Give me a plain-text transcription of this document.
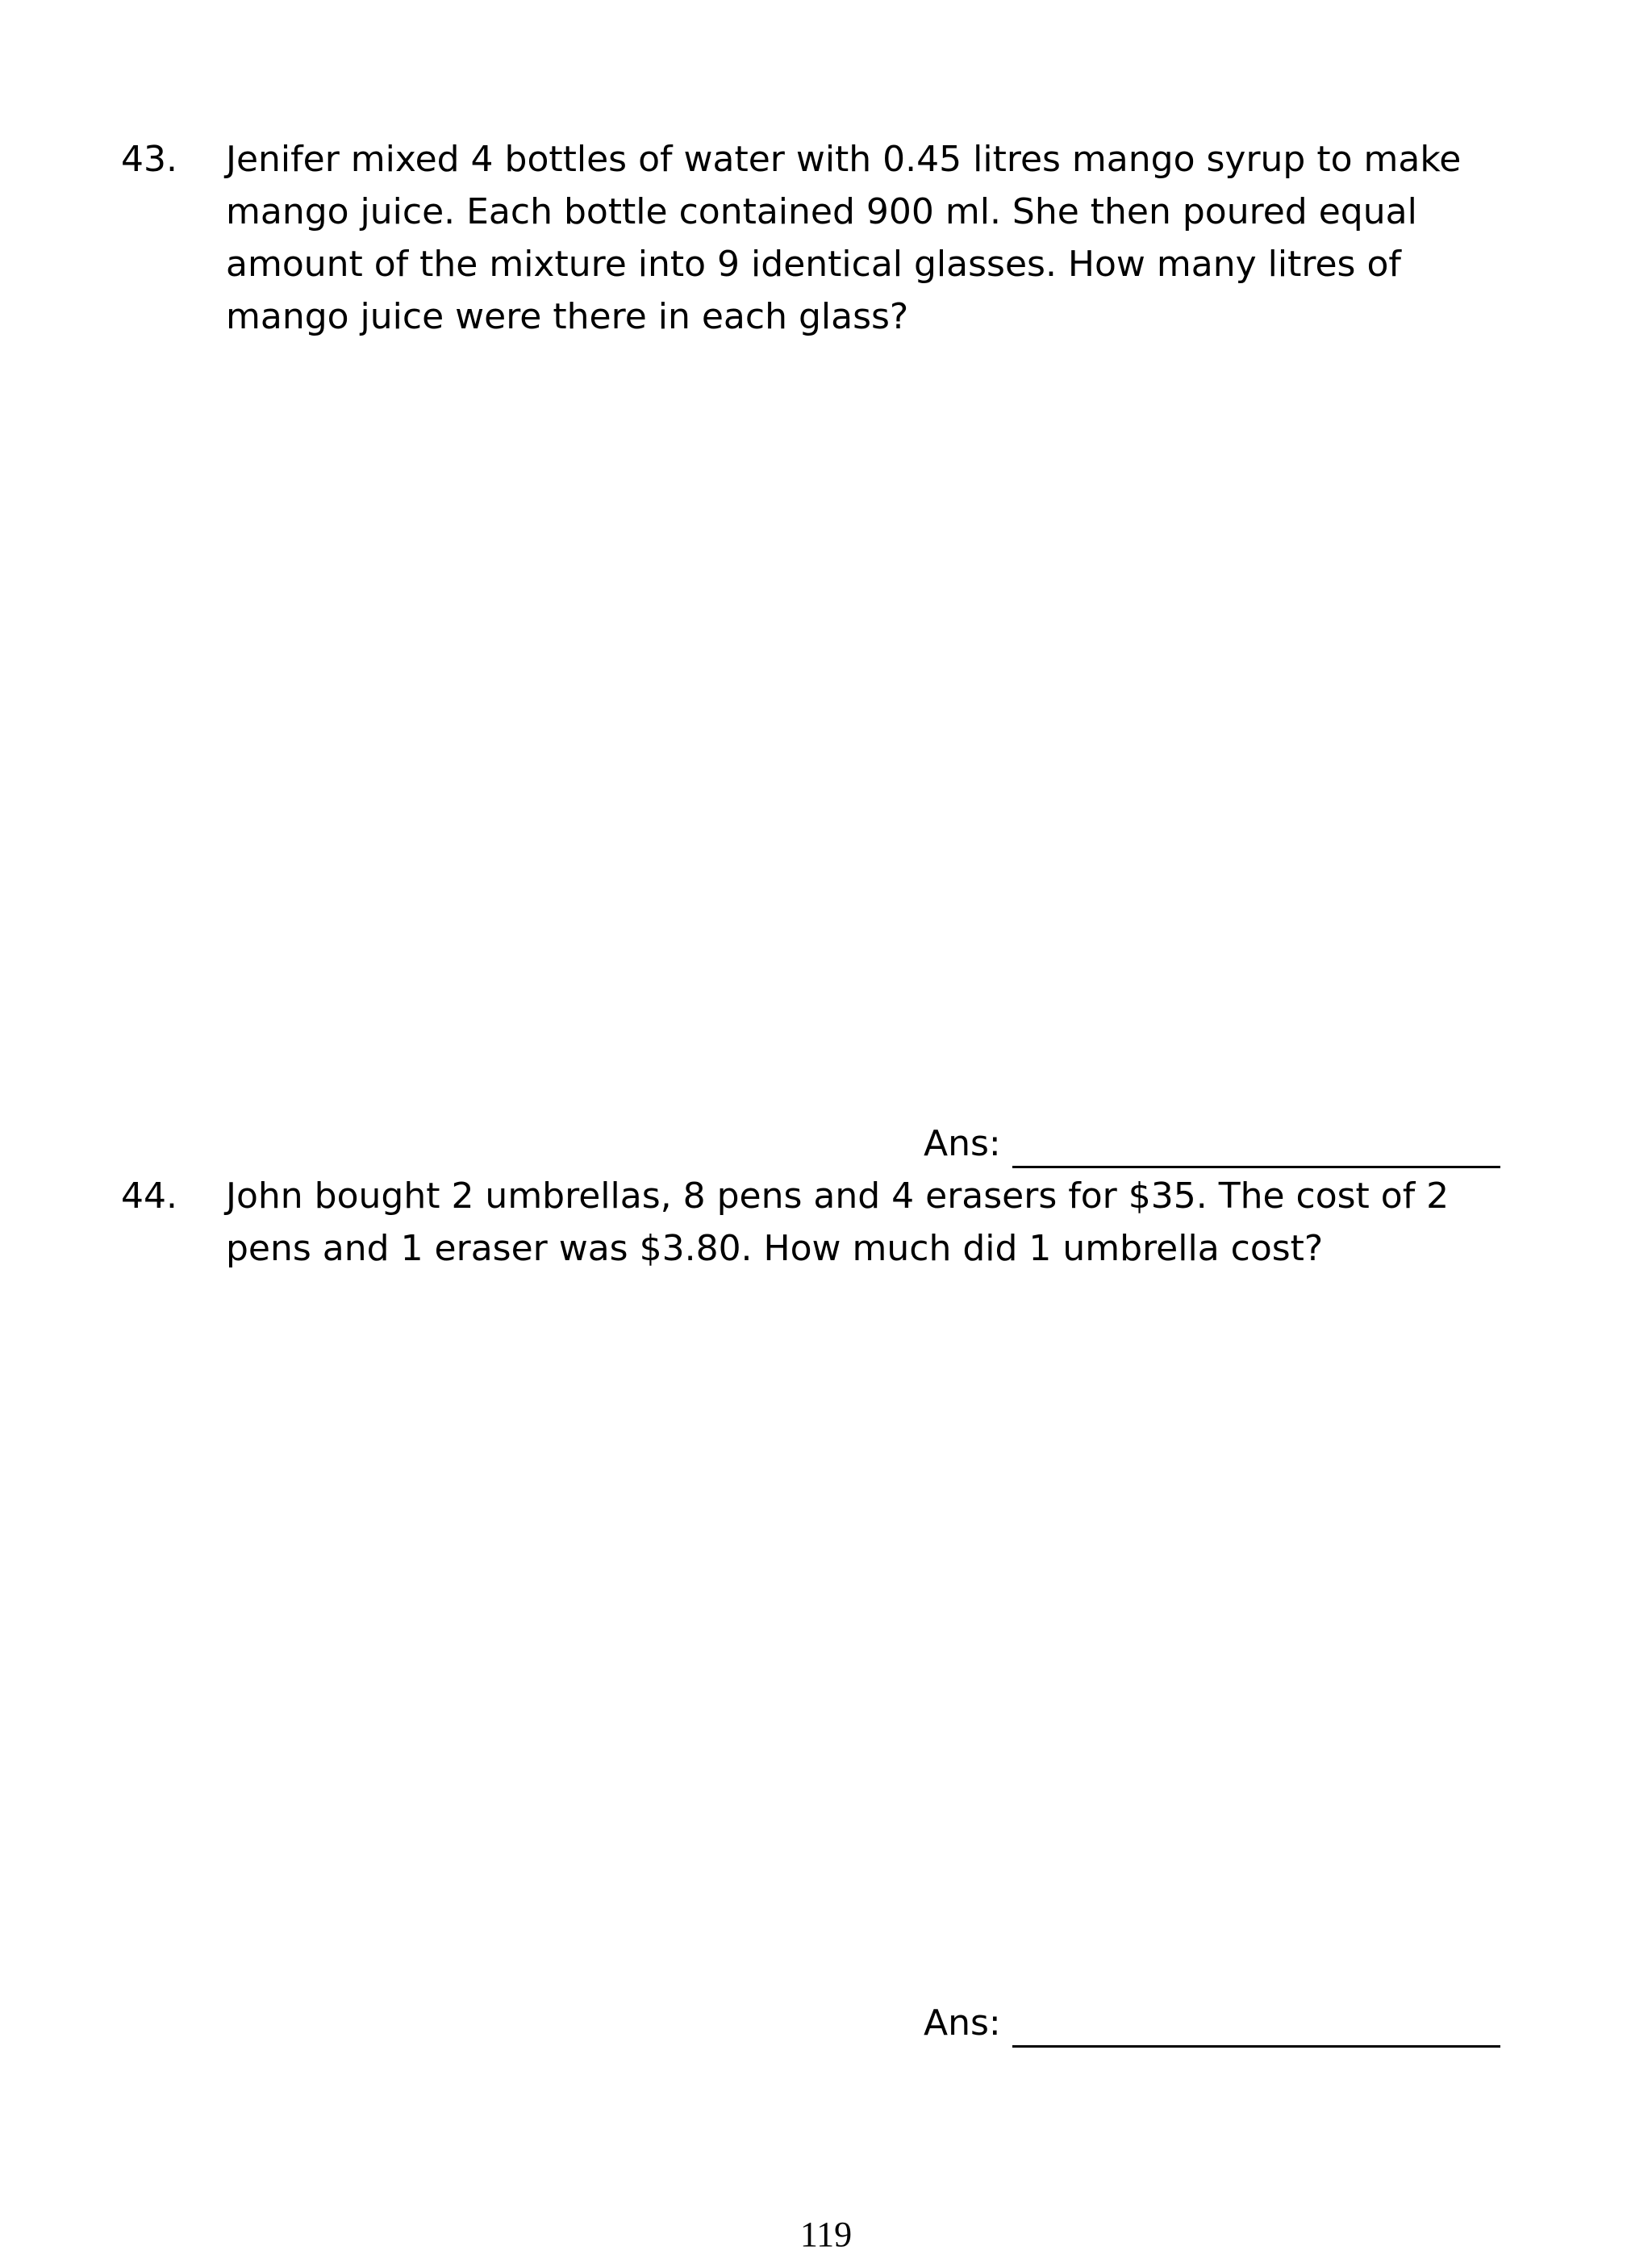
43. Jenifer mixed 4 bottles of water with 0.45 litres mango syrup to make mango juice. Each bottle contained 900 ml. She then poured equal amount of the mixture into 9 identical glasses. How many litres of mango juice were there in each glass?
Ans:
44. John bought 2 umbrellas, 8 pens and 4 erasers for $35. The cost of 2 pens and 1 eraser was $3.80. How much did 1 umbrella cost?
Ans:
119
